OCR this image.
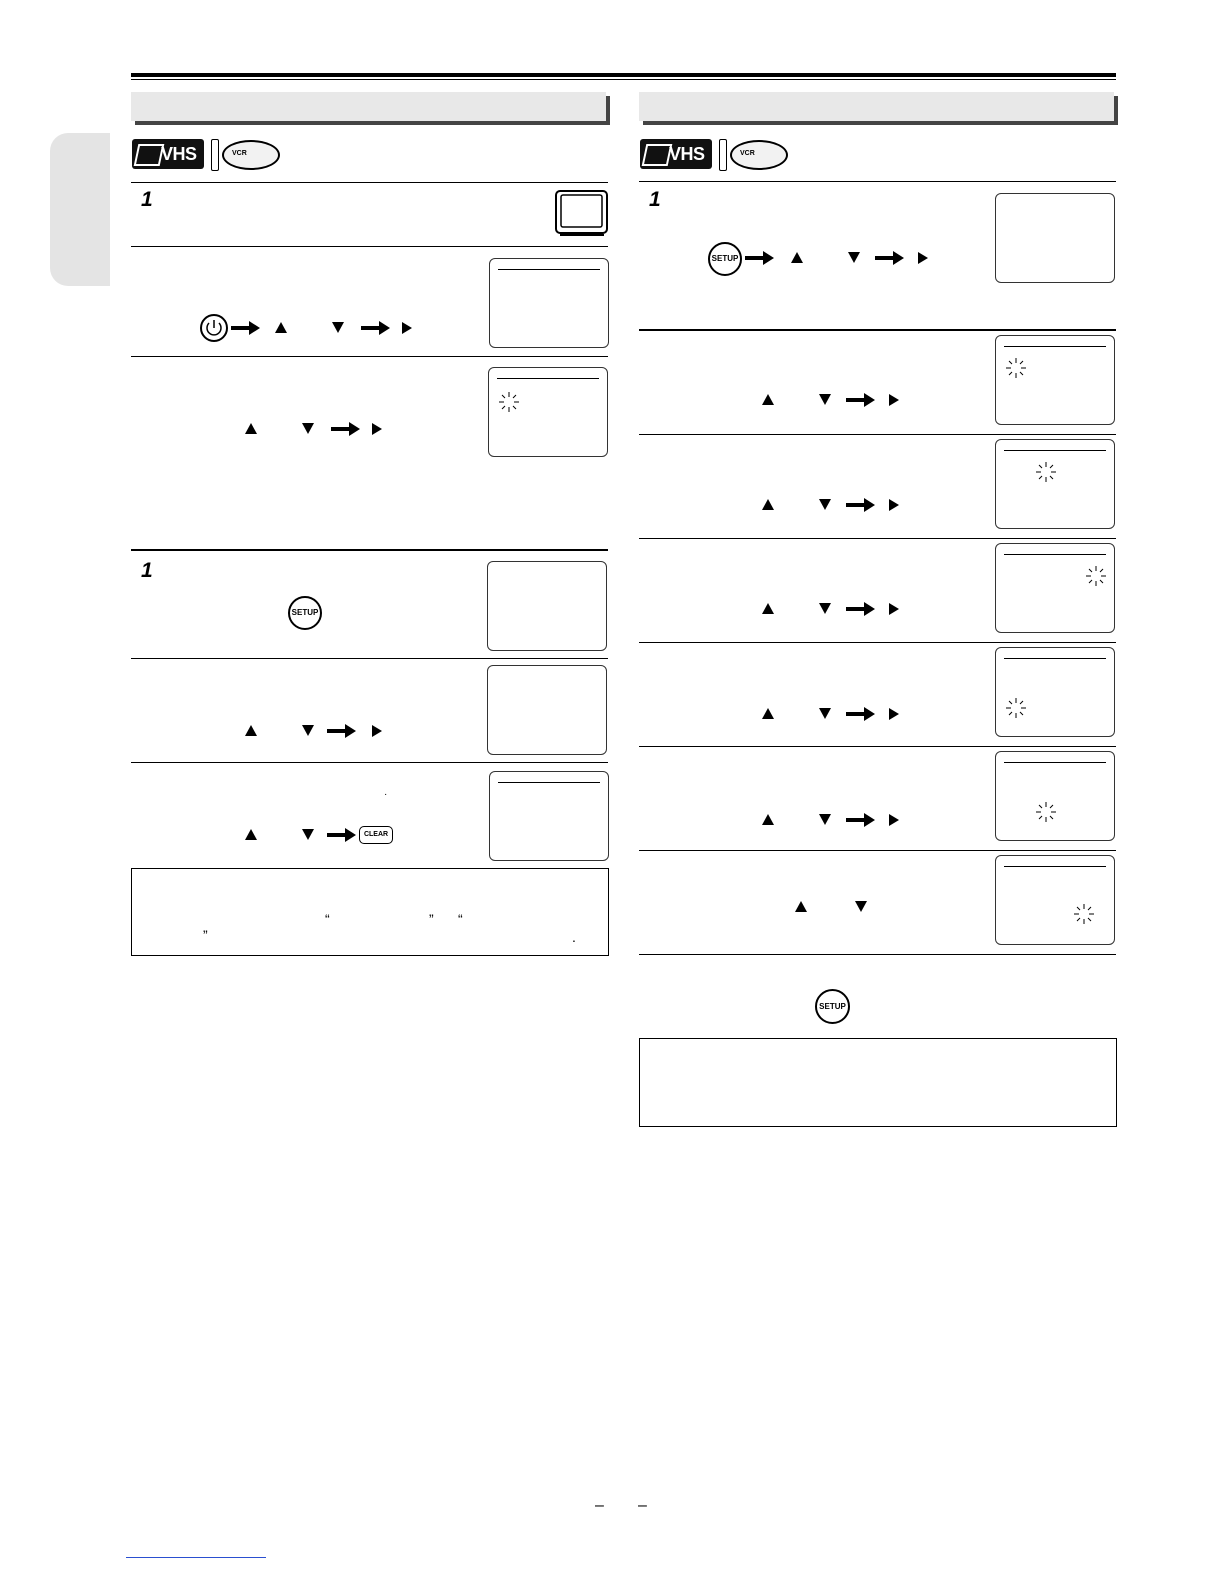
VHS	VCR	VHS	VCR
1
1
SETUP
·
CLEAR
“	” “
”	.
1
SETUP
SETUP
– –
